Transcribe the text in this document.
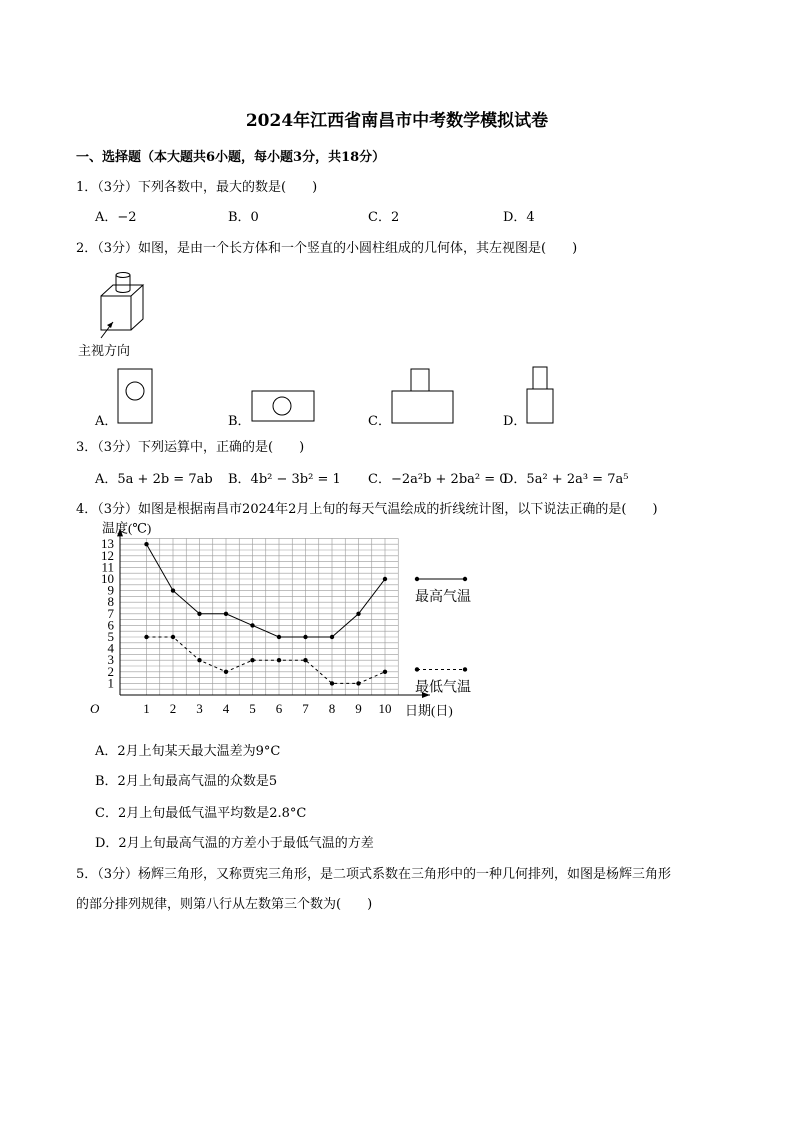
2024年江西省南昌市中考数学模拟试卷
一、选择题（本大题共6小题，每小题3分，共18分）
1．（3分）下列各数中，最大的数是(　　)
A．−2	B．0	C．2	D．4
2．（3分）如图，是由一个长方体和一个竖直的小圆柱组成的几何体，其左视图是(　　)
主视方向
A．	B．	C．	D．
3．（3分）下列运算中，正确的是(　　)
A．5a + 2b = 7ab B．4b² − 3b² = 1 C．−2a²b + 2ba² = 0
D．5a² + 2a³ = 7a⁵
4．（3分）如图是根据南昌市2024年2月上旬的每天气温绘成的折线统计图，以下说法正确的是(　　)
1
2
3
4
5
6
7
8
9
10
11
12
13
1 2 3 4 5 6 7 8 9 10
O
温度(℃)
日期(日)
最高气温
最低气温
A．2月上旬某天最大温差为9°C
B．2月上旬最高气温的众数是5
C．2月上旬最低气温平均数是2.8°C
D．2月上旬最高气温的方差小于最低气温的方差
5．（3分）杨辉三角形，又称贾宪三角形，是二项式系数在三角形中的一种几何排列，如图是杨辉三角形
的部分排列规律，则第八行从左数第三个数为(　　)
